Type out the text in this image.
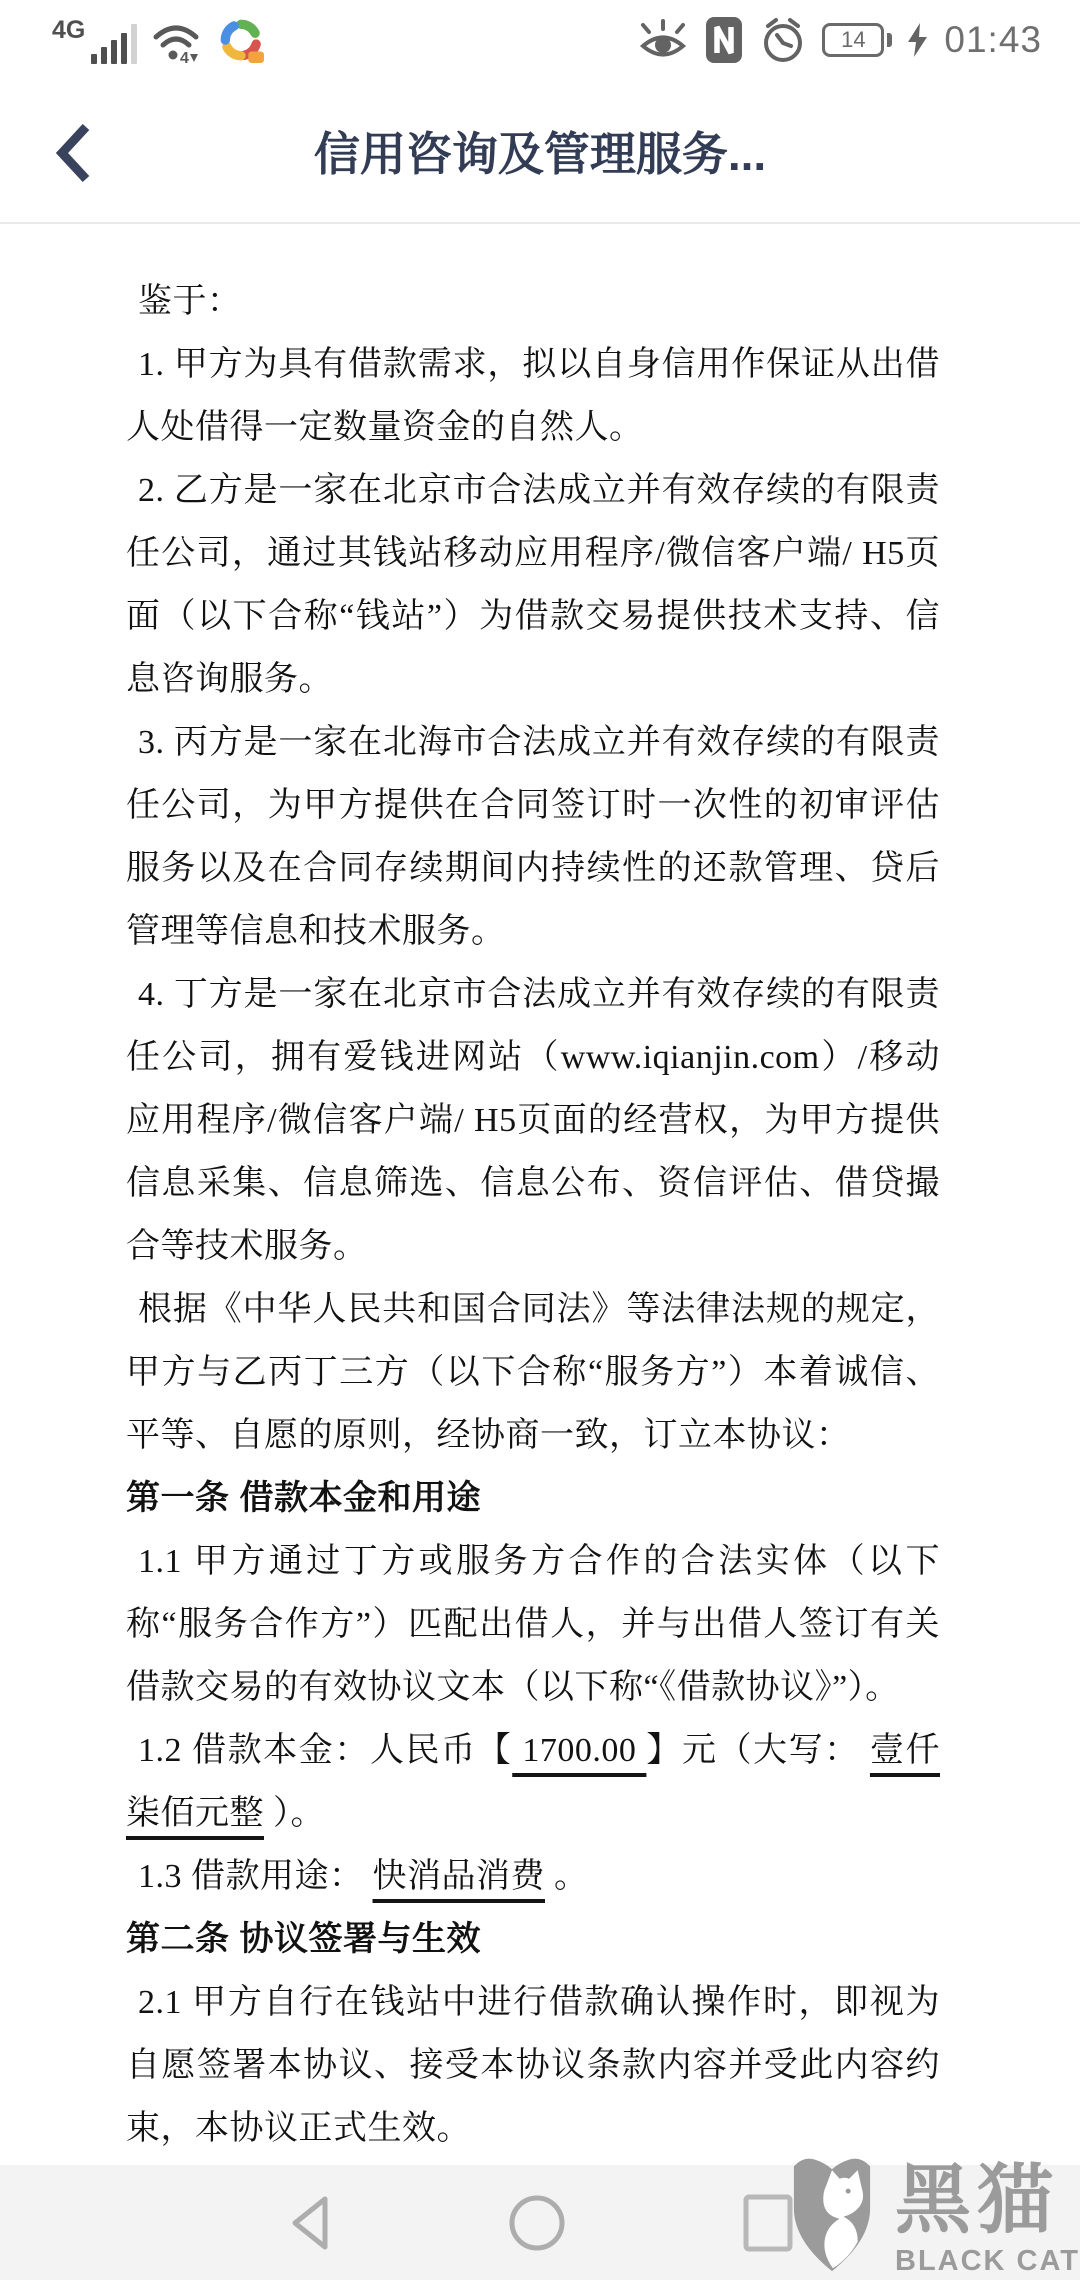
4G
4
14 01:43
信用咨询及管理服务...

鉴于：

1. 甲方为具有借款需求，拟以自身信用作保证从出借人处借得一定数量资金的自然人。

2. 乙方是一家在北京市合法成立并有效存续的有限责任公司，通过其钱站移动应用程序/微信客户端/ H5页面（以下合称“钱站”）为借款交易提供技术支持、信息咨询服务。

3. 丙方是一家在北海市合法成立并有效存续的有限责任公司，为甲方提供在合同签订时一次性的初审评估服务以及在合同存续期间内持续性的还款管理、贷后管理等信息和技术服务。

4. 丁方是一家在北京市合法成立并有效存续的有限责任公司，拥有爱钱进网站（www.iqianjin.com）/移动应用程序/微信客户端/ H5页面的经营权，为甲方提供信息采集、信息筛选、信息公布、资信评估、借贷撮合等技术服务。

根据《中华人民共和国合同法》等法律法规的规定，甲方与乙丙丁三方（以下合称“服务方”）本着诚信、平等、自愿的原则，经协商一致，订立本协议：

第一条 借款本金和用途

1.1 甲方通过丁方或服务方合作的合法实体（以下称“服务合作方”）匹配出借人，并与出借人签订有关借款交易的有效协议文本（以下称“《借款协议》”）。

1.2 借款本金：人民币【 1700.00 】元（大写： 壹仟柒佰元整 ）。

1.3 借款用途： 快消品消费 。

第二条 协议签署与生效

2.1 甲方自行在钱站中进行借款确认操作时，即视为自愿签署本协议、接受本协议条款内容并受此内容约束，本协议正式生效。

黑猫
BLACK CAT
